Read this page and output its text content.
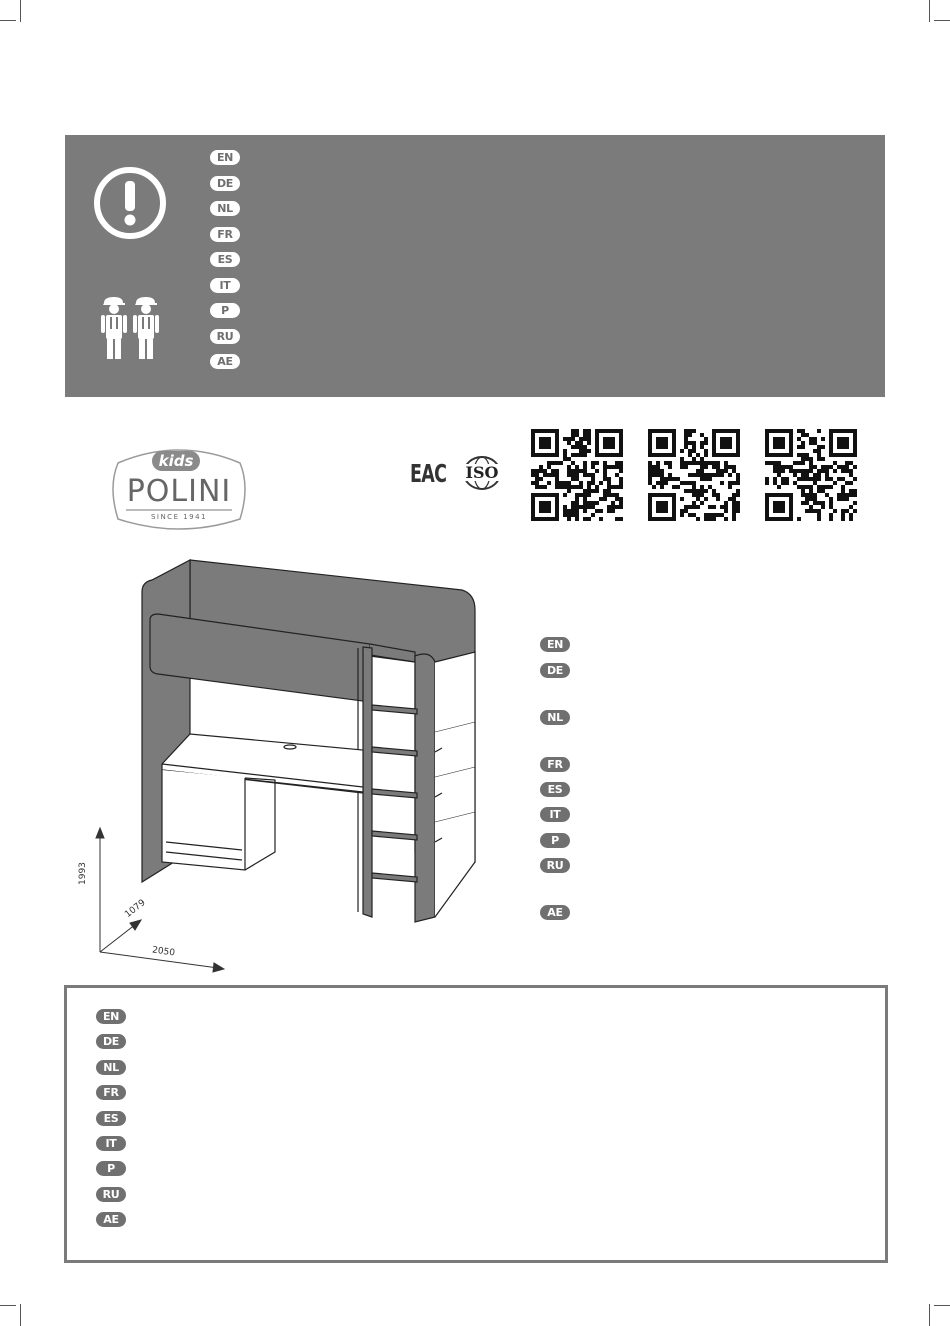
EN
DE
NL
FR
ES
IT
P
RU
AE
kids
POLINI
SINCE 1941
EAC	ISO
1993
1079
2050
EN
DE
NL
FR
ES
IT
P
RU
AE
EN
DE
NL
FR
ES
IT
P
RU
AE
